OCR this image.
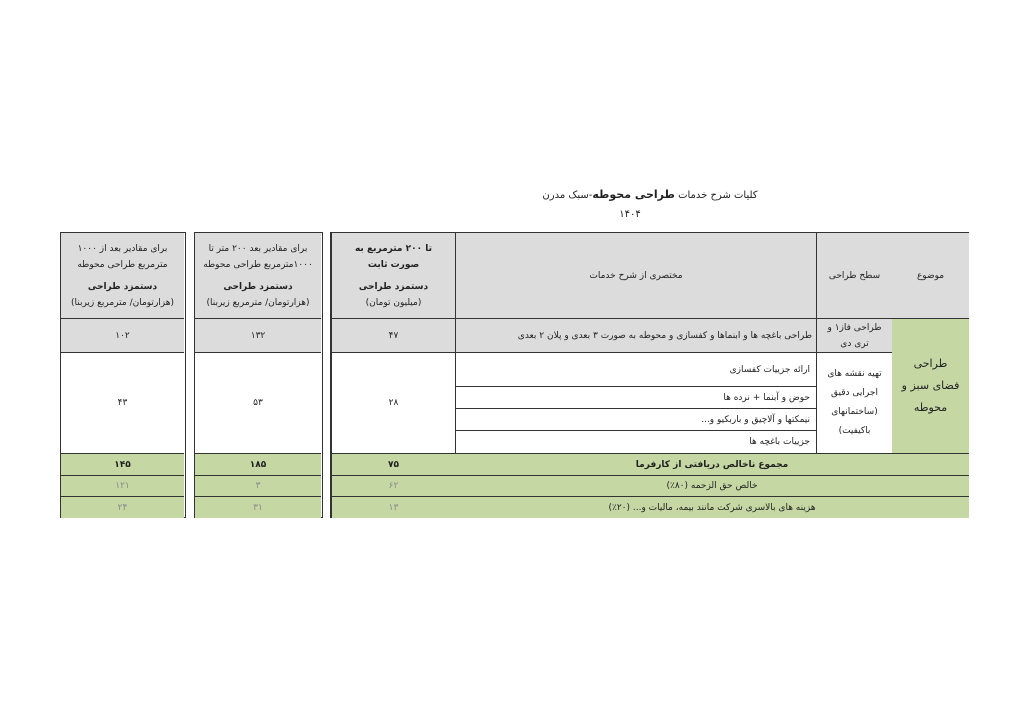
کلیات شرح خدمات طراحی محوطه-سبک مدرن
۱۴۰۴
موضوع
سطح طراحی
مختصری از شرح خدمات
تا ۲۰۰ مترمربع به صورت ثابت
دستمزد طراحی
(میلیون تومان)
طراحی فضای سبز و محوطه
طراحی فاز۱ و تری دی
طراحی باغچه ها و ابنماها و کفسازی و محوطه به صورت ۳ بعدی و پلان ۲ بعدی
۴۷
تهیه نقشه های اجرایی دقیق (ساختمانهای باکیفیت)
ارائه جزییات کفسازی
حوض و آبنما + نرده ها
نیمکتها و آلاچیق و باربکیو و...
جزییات باغچه ها
۲۸
مجموع ناخالص دریافتی از کارفرما
۷۵
خالص حق الزحمه (۸۰٪)
۶۲
هزینه های بالاسری شرکت مانند بیمه، مالیات و... (۲۰٪)
۱۳
برای مقادیر بعد ۲۰۰ متر تا ۱۰۰۰مترمربع طراحی محوطه
دستمزد طراحی
(هزارتومان/ مترمربع زیربنا)
۱۳۲
۵۳
۱۸۵
۳
۳۱
برای مقادیر بعد از ۱۰۰۰ مترمربع طراحی محوطه
دستمزد طراحی
(هزارتومان/ مترمربع زیربنا)
۱۰۲
۴۳
۱۴۵
۱۲۱
۲۴
